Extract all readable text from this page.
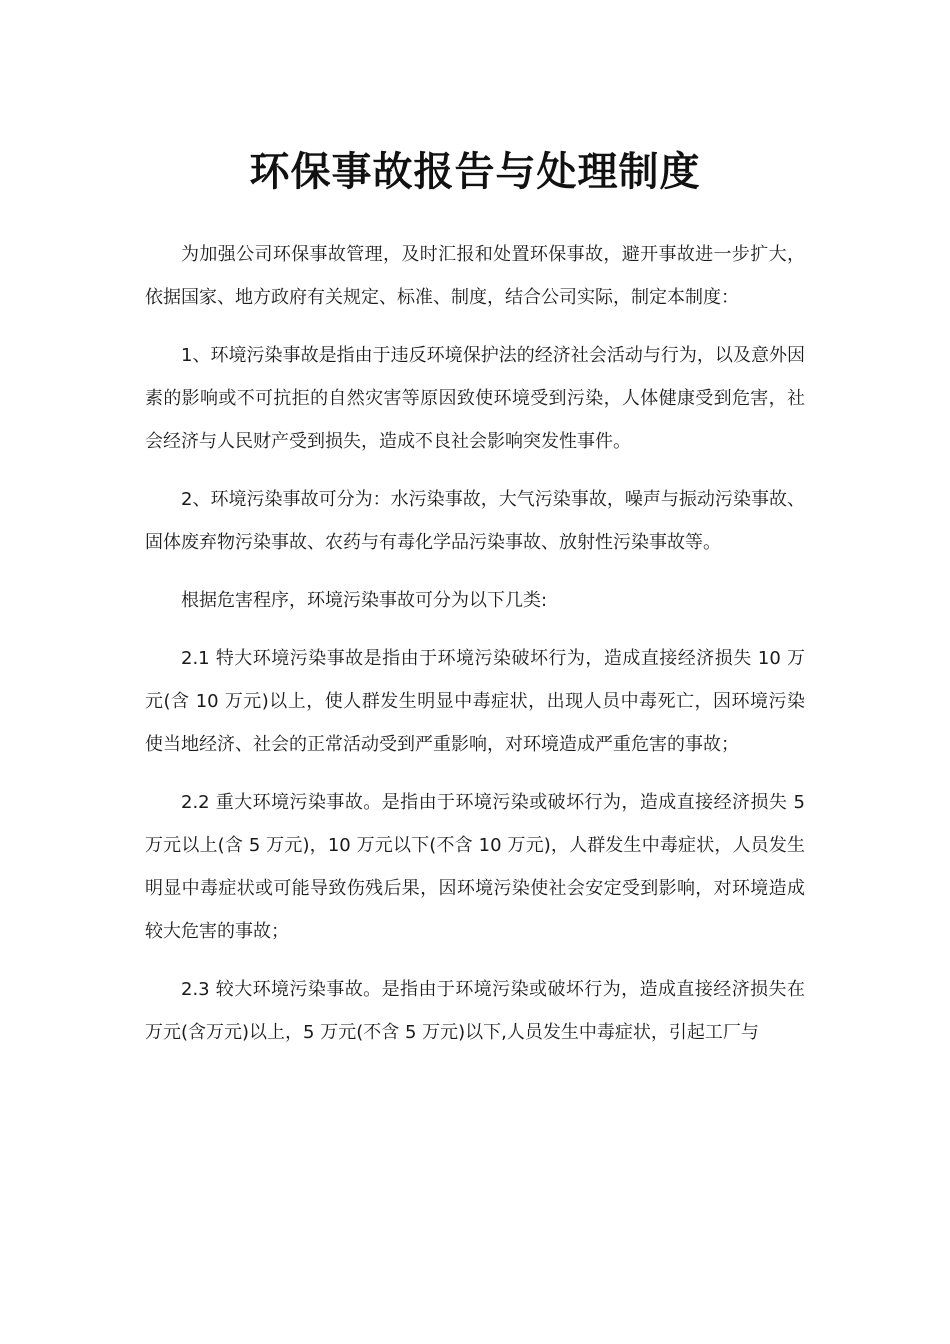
环保事故报告与处理制度

为加强公司环保事故管理，及时汇报和处置环保事故，避开事故进一步扩大，依据国家、地方政府有关规定、标准、制度，结合公司实际，制定本制度：

1、环境污染事故是指由于违反环境保护法的经济社会活动与行为，以及意外因素的影响或不可抗拒的自然灾害等原因致使环境受到污染，人体健康受到危害，社会经济与人民财产受到损失，造成不良社会影响突发性事件。

2、环境污染事故可分为：水污染事故，大气污染事故，噪声与振动污染事故、固体废弃物污染事故、农药与有毒化学品污染事故、放射性污染事故等。

根据危害程序，环境污染事故可分为以下几类:

2.1 特大环境污染事故是指由于环境污染破坏行为，造成直接经济损失 10 万元(含 10 万元)以上，使人群发生明显中毒症状，出现人员中毒死亡，因环境污染使当地经济、社会的正常活动受到严重影响，对环境造成严重危害的事故；

2.2 重大环境污染事故。是指由于环境污染或破坏行为，造成直接经济损失 5 万元以上(含 5 万元)，10 万元以下(不含 10 万元)，人群发生中毒症状，人员发生明显中毒症状或可能导致伤残后果，因环境污染使社会安定受到影响，对环境造成较大危害的事故；

2.3 较大环境污染事故。是指由于环境污染或破坏行为，造成直接经济损失在万元(含万元)以上，5 万元(不含 5 万元)以下,人员发生中毒症状，引起工厂与
